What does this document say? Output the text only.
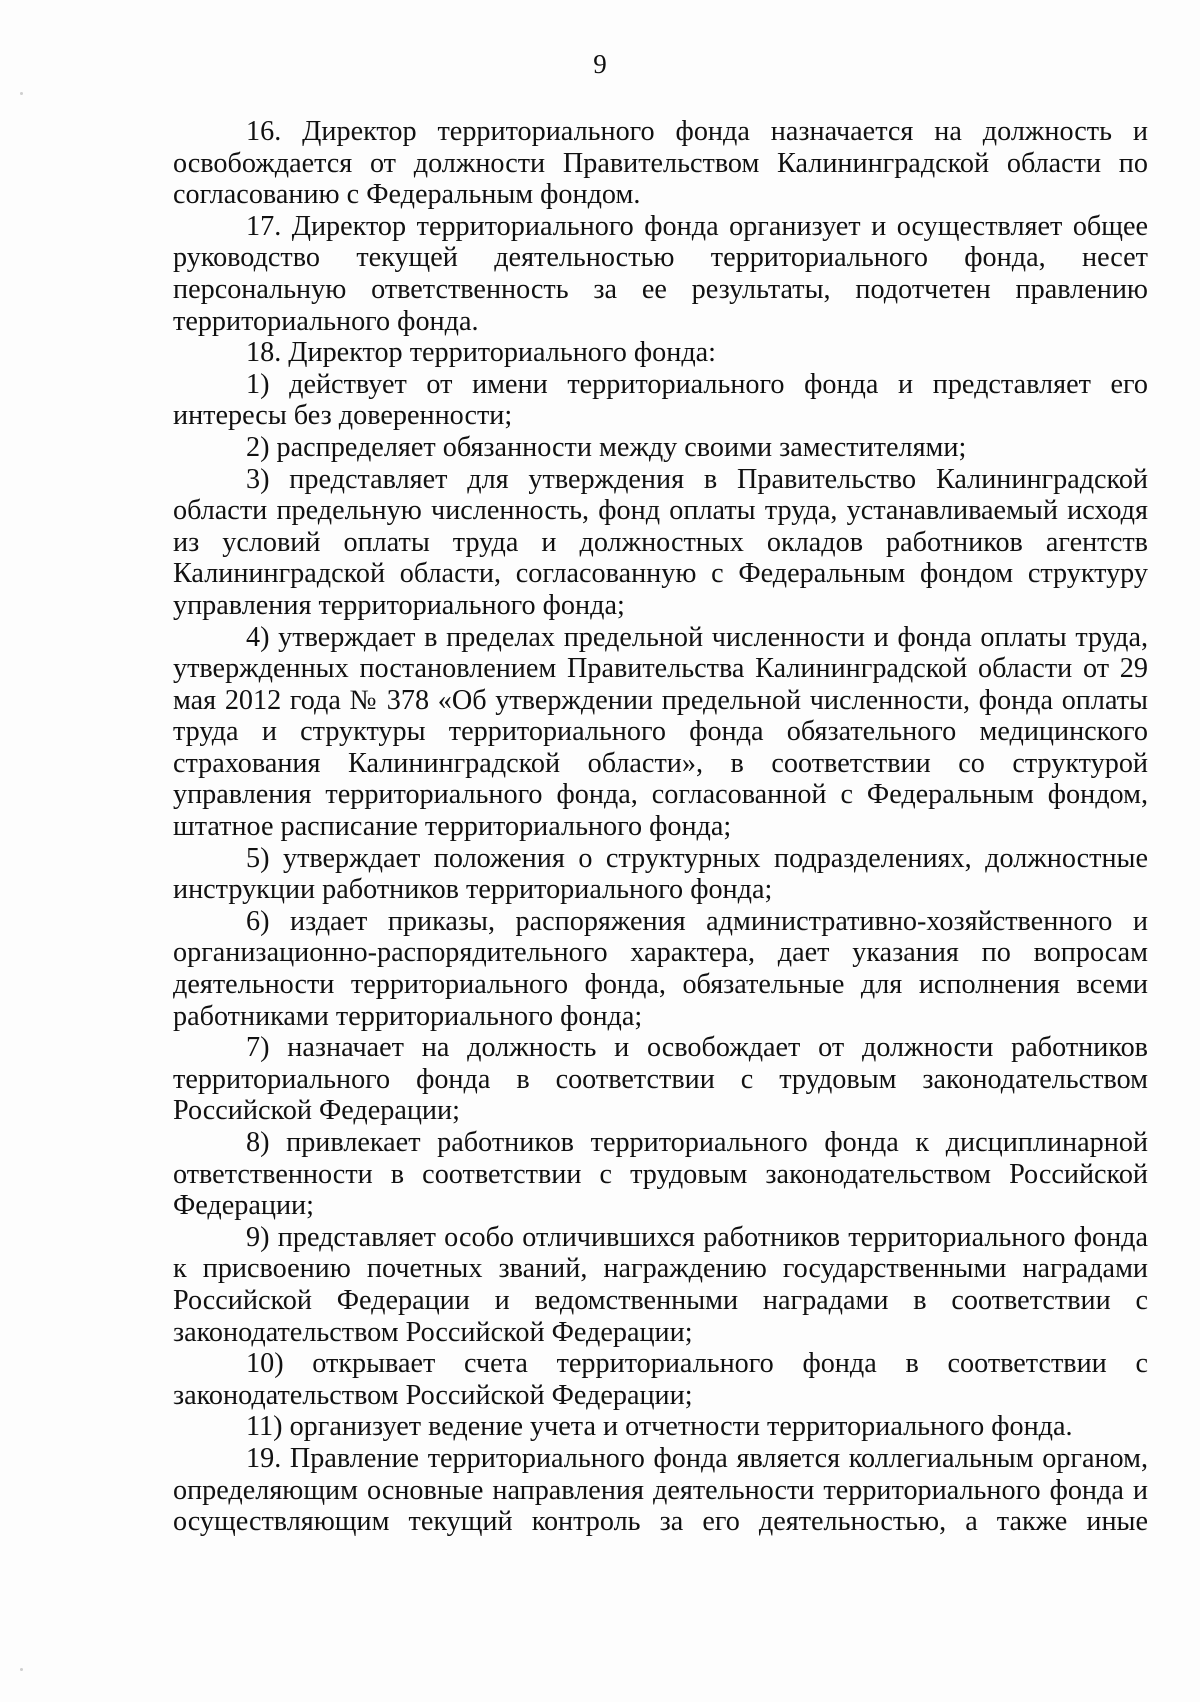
9

16. Директор территориального фонда назначается на должность и освобождается от должности Правительством Калининградской области по согласованию с Федеральным фондом.

17. Директор территориального фонда организует и осуществляет общее руководство текущей деятельностью территориального фонда, несет персональную ответственность за ее результаты, подотчетен правлению территориального фонда.

18. Директор территориального фонда:

1) действует от имени территориального фонда и представляет его интересы без доверенности;

2) распределяет обязанности между своими заместителями;

3) представляет для утверждения в Правительство Калининградской области предельную численность, фонд оплаты труда, устанавливаемый исходя из условий оплаты труда и должностных окладов работников агентств Калининградской области, согласованную с Федеральным фондом структуру управления территориального фонда;

4) утверждает в пределах предельной численности и фонда оплаты труда, утвержденных постановлением Правительства Калининградской области от 29 мая 2012 года № 378 «Об утверждении предельной численности, фонда оплаты труда и структуры территориального фонда обязательного медицинского страхования Калининградской области», в соответствии со структурой управления территориального фонда, согласованной с Федеральным фондом, штатное расписание территориального фонда;

5) утверждает положения о структурных подразделениях, должностные инструкции работников территориального фонда;

6) издает приказы, распоряжения административно-хозяйственного и организационно-распорядительного характера, дает указания по вопросам деятельности территориального фонда, обязательные для исполнения всеми работниками территориального фонда;

7) назначает на должность и освобождает от должности работников территориального фонда в соответствии с трудовым законодательством Российской Федерации;

8) привлекает работников территориального фонда к дисциплинарной ответственности в соответствии с трудовым законодательством Российской Федерации;

9) представляет особо отличившихся работников территориального фонда к присвоению почетных званий, награждению государственными наградами Российской Федерации и ведомственными наградами в соответствии с законодательством Российской Федерации;

10) открывает счета территориального фонда в соответствии с законодательством Российской Федерации;

11) организует ведение учета и отчетности территориального фонда.

19. Правление территориального фонда является коллегиальным органом, определяющим основные направления деятельности территориального фонда и осуществляющим текущий контроль за его деятельностью, а также иные
